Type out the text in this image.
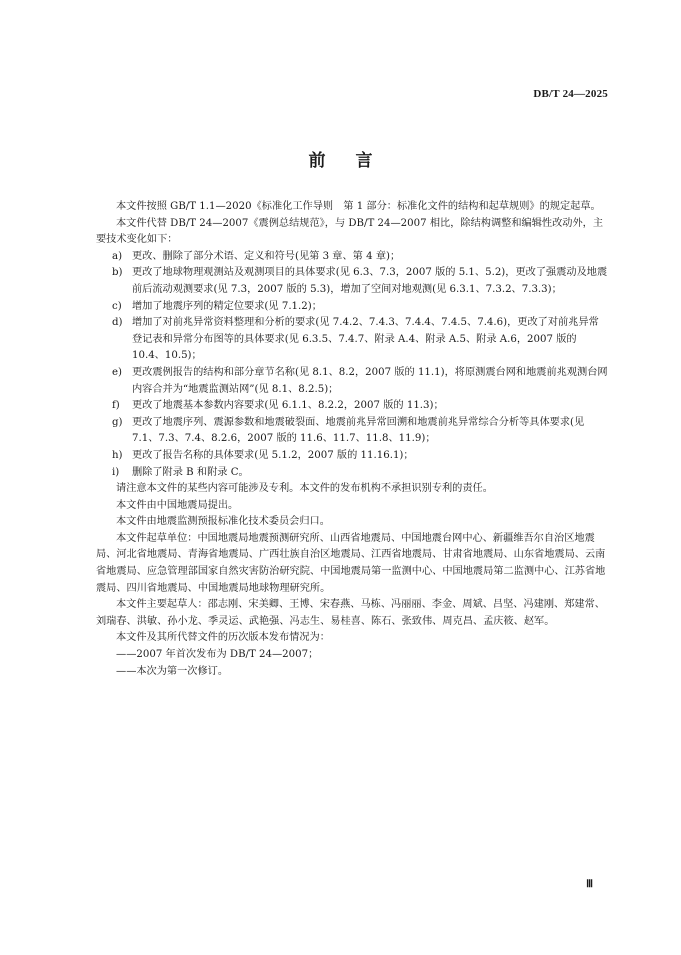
DB/T 24—2025
前言

本文件按照 GB/T 1.1—2020《标准化工作导则　第 1 部分：标准化文件的结构和起草规则》的规定起草。

本文件代替 DB/T 24—2007《震例总结规范》，与 DB/T 24—2007 相比，除结构调整和编辑性改动外，主要技术变化如下：

a) 更改、删除了部分术语、定义和符号(见第 3 章、第 4 章)；

b) 更改了地球物理观测站及观测项目的具体要求(见 6.3、7.3，2007 版的 5.1、5.2)，更改了强震动及地震前后流动观测要求(见 7.3，2007 版的 5.3)，增加了空间对地观测(见 6.3.1、7.3.2、7.3.3)；

c) 增加了地震序列的精定位要求(见 7.1.2)；

d) 增加了对前兆异常资料整理和分析的要求(见 7.4.2、7.4.3、7.4.4、7.4.5、7.4.6)，更改了对前兆异常登记表和异常分布图等的具体要求(见 6.3.5、7.4.7、附录 A.4、附录 A.5、附录 A.6，2007 版的 10.4、10.5)；

e) 更改震例报告的结构和部分章节名称(见 8.1、8.2，2007 版的 11.1)，将原测震台网和地震前兆观测台网内容合并为“地震监测站网”(见 8.1、8.2.5)；

f) 更改了地震基本参数内容要求(见 6.1.1、8.2.2，2007 版的 11.3)；

g) 更改了地震序列、震源参数和地震破裂面、地震前兆异常回溯和地震前兆异常综合分析等具体要求(见 7.1、7.3、7.4、8.2.6，2007 版的 11.6、11.7、11.8、11.9)；

h) 更改了报告名称的具体要求(见 5.1.2，2007 版的 11.16.1)；

i) 删除了附录 B 和附录 C。

请注意本文件的某些内容可能涉及专利。本文件的发布机构不承担识别专利的责任。

本文件由中国地震局提出。

本文件由地震监测预报标准化技术委员会归口。

本文件起草单位：中国地震局地震预测研究所、山西省地震局、中国地震台网中心、新疆维吾尔自治区地震局、河北省地震局、青海省地震局、广西壮族自治区地震局、江西省地震局、甘肃省地震局、山东省地震局、云南省地震局、应急管理部国家自然灾害防治研究院、中国地震局第一监测中心、中国地震局第二监测中心、江苏省地震局、四川省地震局、中国地震局地球物理研究所。

本文件主要起草人：邵志刚、宋美卿、王博、宋春燕、马栋、冯丽丽、李金、周斌、吕坚、冯建刚、郑建常、刘瑞春、洪敏、孙小龙、季灵运、武艳强、冯志生、易桂喜、陈石、张致伟、周克昌、孟庆筱、赵军。

本文件及其所代替文件的历次版本发布情况为：

——2007 年首次发布为 DB/T 24—2007；

——本次为第一次修订。

Ⅲ
